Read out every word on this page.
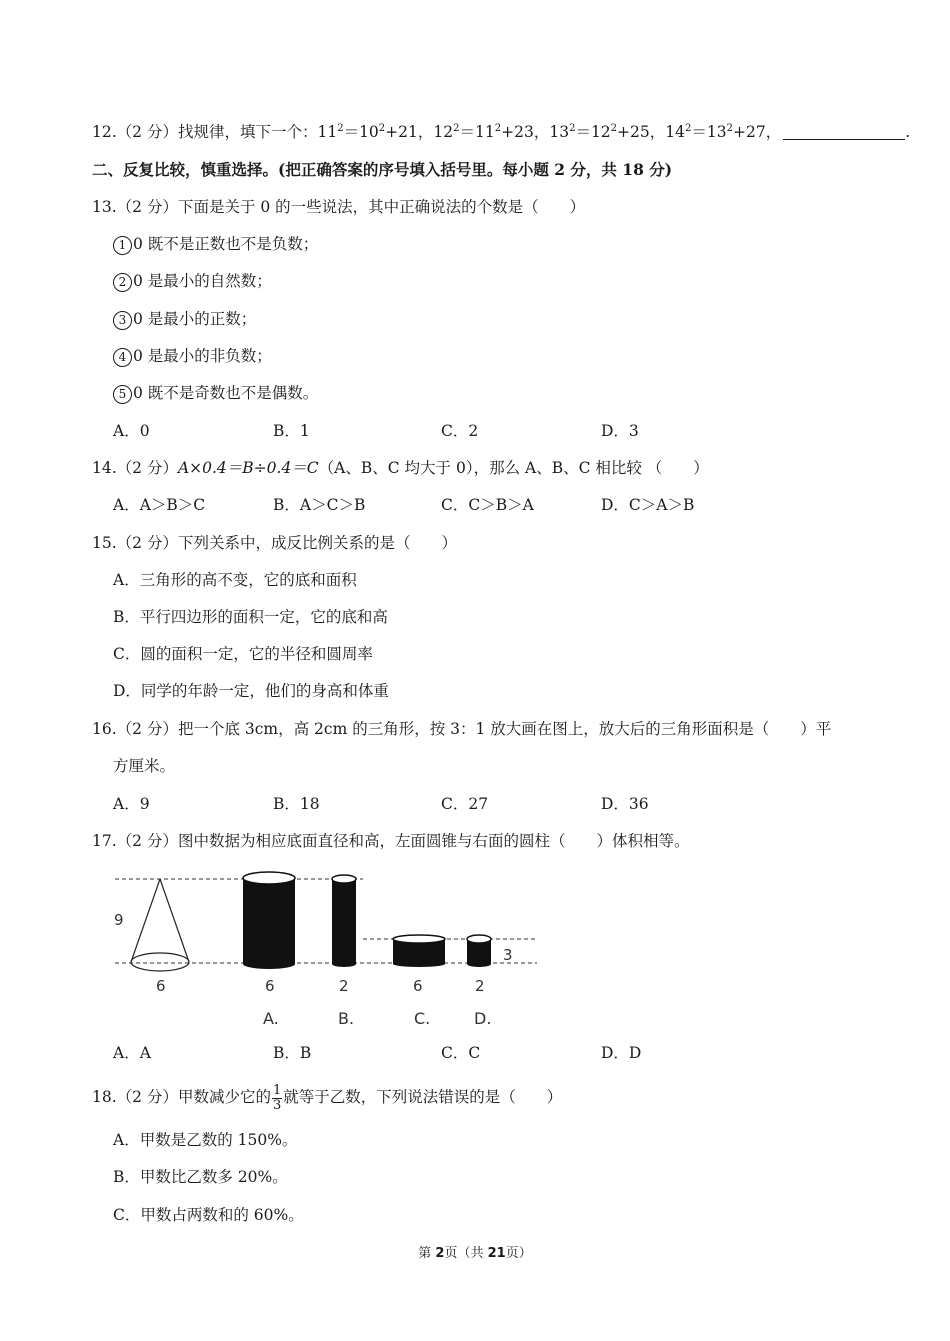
12.（2 分）找规律，填下一个：$11^2=10^2+21$，$12^2=11^2+23$，$13^2=12^2+25$，$14^2=13^2+27$，	.
二、反复比较，慎重选择。(把正确答案的序号填入括号里。每小题 2 分，共 18 分)
13.（2 分）下面是关于 0 的一些说法，其中正确说法的个数是（　　）
1 0 既不是正数也不是负数；
2 0 是最小的自然数；
3 0 是最小的正数；
4 0 是最小的非负数；
5 0 既不是奇数也不是偶数。
A．0	B．1	C．2	D．3
14.（2 分）A×0.4＝B÷0.4＝C（A、B、C 均大于 0），那么 A、B、C 相比较 （　　）
A．A＞B＞C	B．A＞C＞B	C．C＞B＞A	D．C＞A＞B
15.（2 分）下列关系中，成反比例关系的是（　　）
A．三角形的高不变，它的底和面积
B．平行四边形的面积一定，它的底和高
C．圆的面积一定，它的半径和圆周率
D．同学的年龄一定，他们的身高和体重
16.（2 分）把一个底 3cm，高 2cm 的三角形，按 3：1 放大画在图上，放大后的三角形面积是（　　）平
方厘米。
A．9	B．18	C．27	D．36
17.（2 分）图中数据为相应底面直径和高，左面圆锥与右面的圆柱（　　）体积相等。
9
6
3
6	2	6	2
A.	B.	C.	D.
A．A	B．B	C．C	D．D
18.（2 分）甲数减少它的 $\frac{1}{3}$ 就等于乙数，下列说法错误的是（　　）
A．甲数是乙数的 150%。
B．甲数比乙数多 20%。
C．甲数占两数和的 60%。
第 2页（共 21页）
